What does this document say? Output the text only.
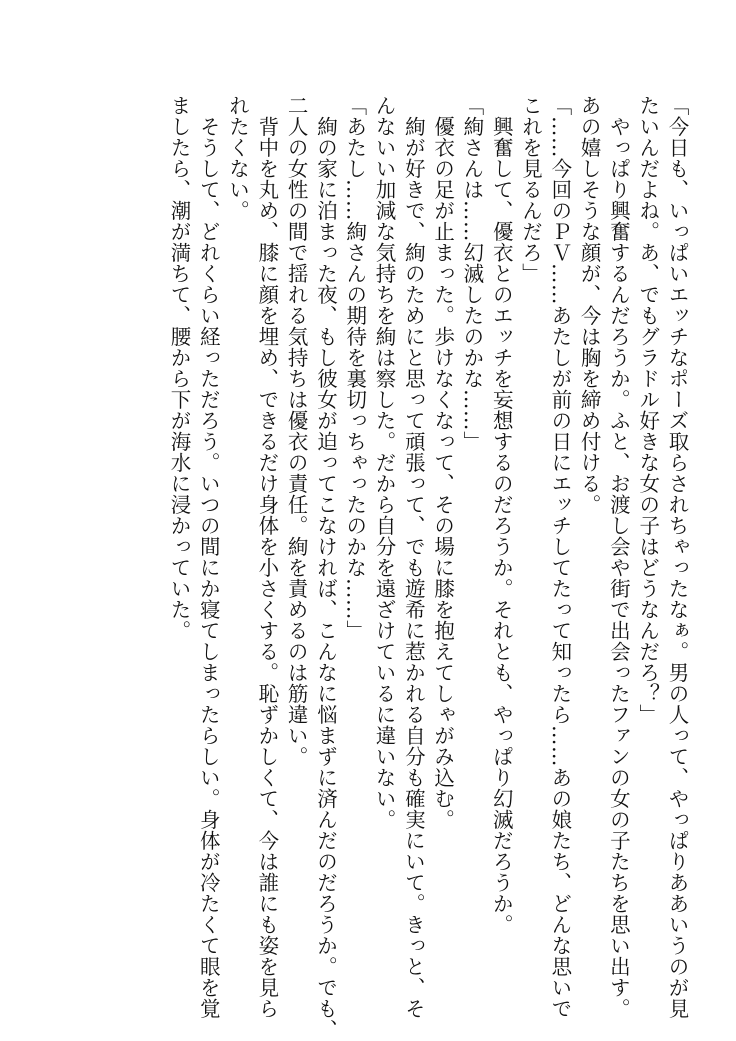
「今日も、いっぱいエッチなポーズ取らされちゃったなぁ。男の人って、やっぱりああいうのが見
たいんだよね。あ、でもグラドル好きな女の子はどうなんだろ？」
　やっぱり興奮するんだろうか。ふと、お渡し会や街で出会ったファンの女の子たちを思い出す。
あの嬉しそうな顔が、今は胸を締め付ける。
「……今回のＰＶ……あたしが前の日にエッチしてたって知ったら……あの娘たち、どんな思いで
これを見るんだろ」
　興奮して、優衣とのエッチを妄想するのだろうか。それとも、やっぱり幻滅だろうか。
「絢さんは……幻滅したのかな……」
　優衣の足が止まった。歩けなくなって、その場に膝を抱えてしゃがみ込む。
　絢が好きで、絢のためにと思って頑張って、でも遊希に惹かれる自分も確実にいて。きっと、そ
んないい加減な気持ちを絢は察した。だから自分を遠ざけているに違いない。
「あたし……絢さんの期待を裏切っちゃったのかな……」
　絢の家に泊まった夜、もし彼女が迫ってこなければ、こんなに悩まずに済んだのだろうか。でも、
二人の女性の間で揺れる気持ちは優衣の責任。絢を責めるのは筋違い。
　背中を丸め、膝に顔を埋め、できるだけ身体を小さくする。恥ずかしくて、今は誰にも姿を見ら
れたくない。
　そうして、どれくらい経っただろう。いつの間にか寝てしまったらしい。身体が冷たくて眼を覚
ましたら、潮が満ちて、腰から下が海水に浸かっていた。
